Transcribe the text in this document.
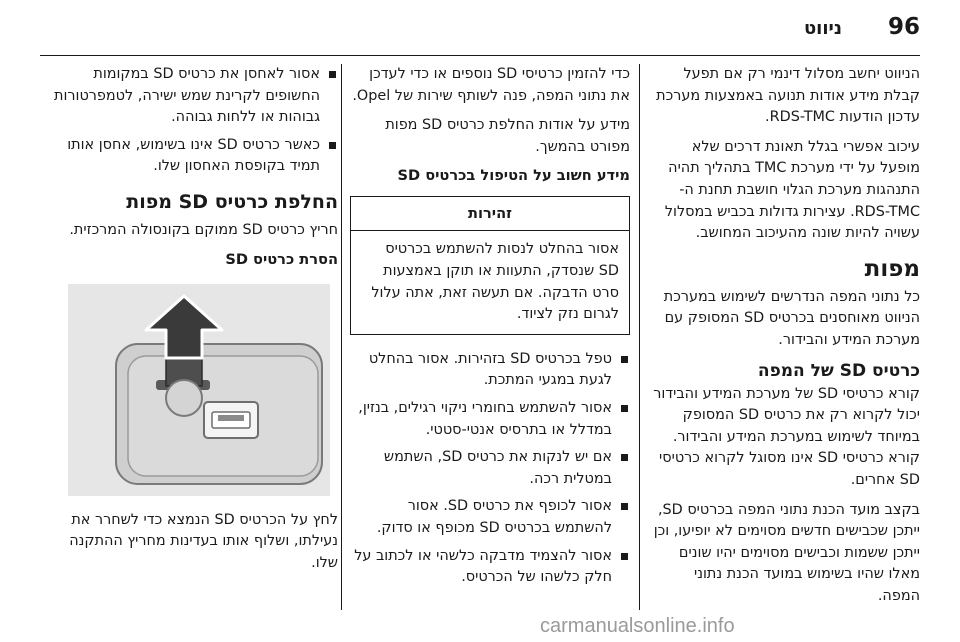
96
ניווט

הניווט יחשב מסלול דינמי רק אם תפעל קבלת מידע אודות תנועה באמצעות מערכת עדכון הודעות RDS-TMC.

עיכוב אפשרי בגלל תאונת דרכים שלא מופעל על ידי מערכת TMC בתהליך תהיה התנהגות מערכת הגלוי חושבת תחנת ה-RDS-TMC. עצירות גדולות בכביש במסלול עשויה להיות שונה מהעיכוב המחושב.

מפות

כל נתוני המפה הנדרשים לשימוש במערכת הניווט מאוחסנים בכרטיס SD המסופק עם מערכת המידע והבידור.

כרטיס SD של המפה

קורא כרטיסי SD של מערכת המידע והבידור יכול לקרוא רק את כרטיס SD המסופק במיוחד לשימוש במערכת המידע והבידור. קורא כרטיסי SD אינו מסוגל לקרוא כרטיסי SD אחרים.

בקצב מועד הכנת נתוני המפה בכרטיס SD, ייתכן שכבישים חדשים מסוימים לא יופיעו, וכן ייתכן ששמות וכבישים מסוימים יהיו שונים מאלו שהיו בשימוש במועד הכנת נתוני המפה.

כדי להזמין כרטיסי SD נוספים או כדי לעדכן את נתוני המפה, פנה לשותף שירות של Opel.

מידע על אודות החלפת כרטיס SD מפות מפורט בהמשך.

מידע חשוב על הטיפול בכרטיס SD
זהירות
אסור בהחלט לנסות להשתמש בכרטיס SD שנסדק, התעוות או תוקן באמצעות סרט הדבקה. אם תעשה זאת, אתה עלול לגרום נזק לציוד.
טפל בכרטיס SD בזהירות. אסור בהחלט לגעת במגעי המתכת.
אסור להשתמש בחומרי ניקוי רגילים, בנזין, במדלל או בתרסיס אנטי-סטטי.
אם יש לנקות את כרטיס SD, השתמש במטלית רכה.
אסור לכופף את כרטיס SD. אסור להשתמש בכרטיס SD מכופף או סדוק.
אסור להצמיד מדבקה כלשהי או לכתוב על חלק כלשהו של הכרטיס.
אסור לאחסן את כרטיס SD במקומות החשופים לקרינת שמש ישירה, לטמפרטורות גבוהות או ללחות גבוהה.
כאשר כרטיס SD אינו בשימוש, אחסן אותו תמיד בקופסת האחסון שלו.
החלפת כרטיס SD מפות

חריץ כרטיס SD ממוקם בקונסולה המרכזית.

הסרת כרטיס SD

לחץ על הכרטיס SD הנמצא כדי לשחרר את נעילתו, ושלוף אותו בעדינות מחריץ ההתקנה שלו.

carmanualsonline.info
